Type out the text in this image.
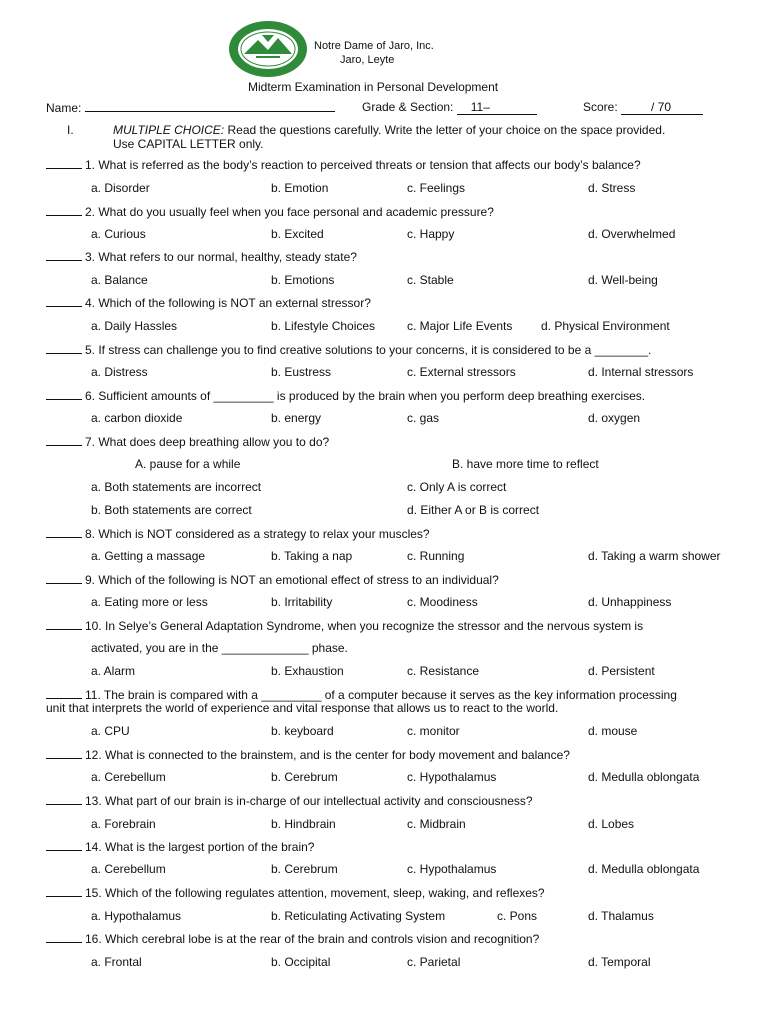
Notre Dame of Jaro, Inc.
Jaro, Leyte
Midterm Examination in Personal Development
Name:	Grade & Section: 11–	Score:	/ 70
I.	MULTIPLE CHOICE: Read the questions carefully. Write the letter of your choice on the space provided.
Use CAPITAL LETTER only.
1. What is referred as the body’s reaction to perceived threats or tension that affects our body’s balance?
a. Disorder	b. Emotion	c. Feelings	d. Stress
2. What do you usually feel when you face personal and academic pressure?
a. Curious	b. Excited	c. Happy	d. Overwhelmed
3. What refers to our normal, healthy, steady state?
a. Balance	b. Emotions	c. Stable	d. Well-being
4. Which of the following is NOT an external stressor?
a. Daily Hassles	b. Lifestyle Choices	c. Major Life Events d. Physical Environment
5. If stress can challenge you to find creative solutions to your concerns, it is considered to be a ________.
a. Distress	b. Eustress	c. External stressors	d. Internal stressors
6. Sufficient amounts of _________ is produced by the brain when you perform deep breathing exercises.
a. carbon dioxide	b. energy	c. gas	d. oxygen
7. What does deep breathing allow you to do?
A. pause for a while	B. have more time to reflect
a. Both statements are incorrect	c. Only A is correct
b. Both statements are correct	d. Either A or B is correct
8. Which is NOT considered as a strategy to relax your muscles?
a. Getting a massage	b. Taking a nap	c. Running	d. Taking a warm shower
9. Which of the following is NOT an emotional effect of stress to an individual?
a. Eating more or less	b. Irritability	c. Moodiness	d. Unhappiness
10. In Selye’s General Adaptation Syndrome, when you recognize the stressor and the nervous system is
activated, you are in the _____________ phase.
a. Alarm	b. Exhaustion	c. Resistance	d. Persistent
11. The brain is compared with a _________ of a computer because it serves as the key information processing
unit that interprets the world of experience and vital response that allows us to react to the world.
a. CPU	b. keyboard	c. monitor	d. mouse
12. What is connected to the brainstem, and is the center for body movement and balance?
a. Cerebellum	b. Cerebrum	c. Hypothalamus	d. Medulla oblongata
13. What part of our brain is in-charge of our intellectual activity and consciousness?
a. Forebrain	b. Hindbrain	c. Midbrain	d. Lobes
14. What is the largest portion of the brain?
a. Cerebellum	b. Cerebrum	c. Hypothalamus	d. Medulla oblongata
15. Which of the following regulates attention, movement, sleep, waking, and reflexes?
a. Hypothalamus	b. Reticulating Activating System	c. Pons	d. Thalamus
16. Which cerebral lobe is at the rear of the brain and controls vision and recognition?
a. Frontal	b. Occipital	c. Parietal	d. Temporal
